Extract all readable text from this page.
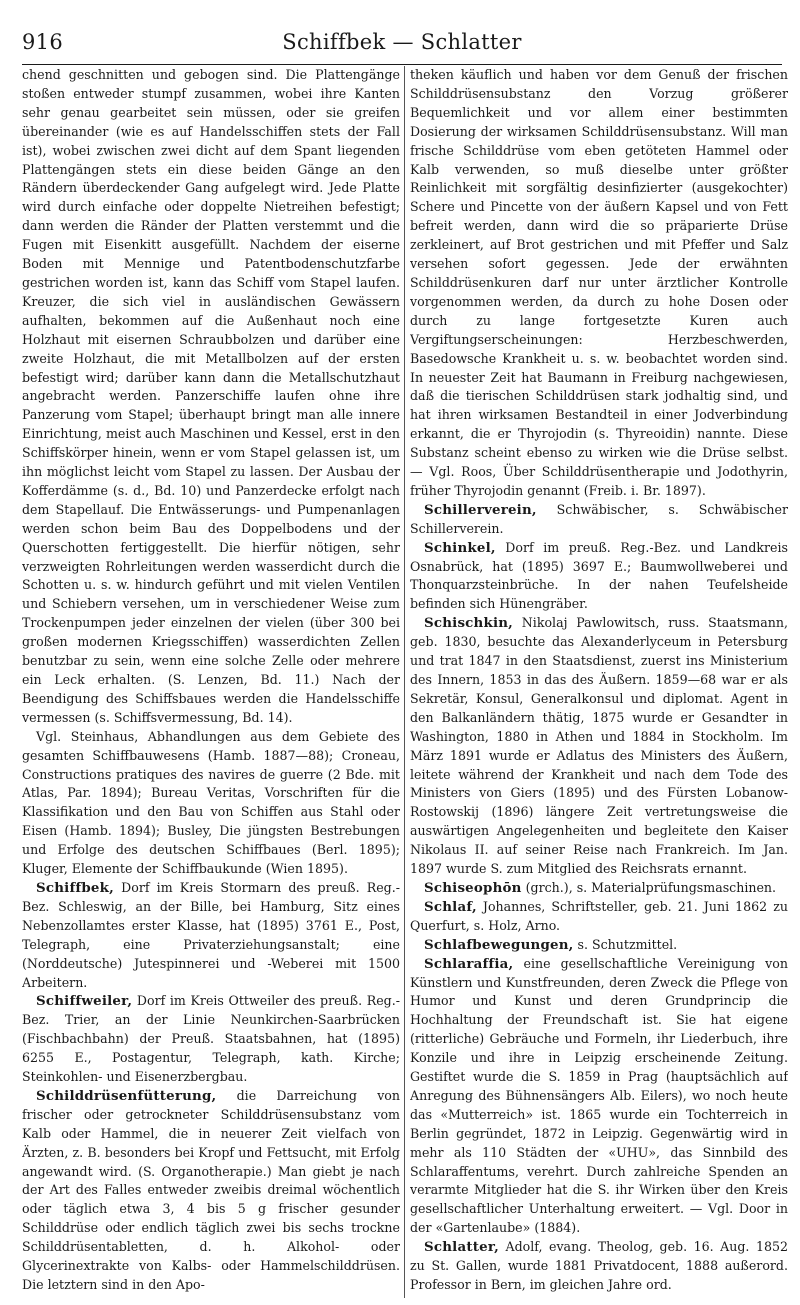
916	Schiffbek — Schlatter

chend geschnitten und gebogen sind. Die Plattengänge stoßen entweder stumpf zusammen, wobei ihre Kanten sehr genau gearbeitet sein müssen, oder sie greifen übereinander (wie es auf Handelsschiffen stets der Fall ist), wobei zwischen zwei dicht auf dem Spant liegenden Plattengängen stets ein diese beiden Gänge an den Rändern überdeckender Gang aufgelegt wird. Jede Platte wird durch einfache oder doppelte Nietreihen befestigt; dann werden die Ränder der Platten verstemmt und die Fugen mit Eisenkitt ausgefüllt. Nachdem der eiserne Boden mit Mennige und Patentbodenschutzfarbe gestrichen worden ist, kann das Schiff vom Stapel laufen. Kreuzer, die sich viel in ausländischen Gewässern aufhalten, bekommen auf die Außenhaut noch eine Holzhaut mit eisernen Schraubbolzen und darüber eine zweite Holzhaut, die mit Metallbolzen auf der ersten befestigt wird; darüber kann dann die Metallschutzhaut angebracht werden. Panzerschiffe laufen ohne ihre Panzerung vom Stapel; überhaupt bringt man alle innere Einrichtung, meist auch Maschinen und Kessel, erst in den Schiffskörper hinein, wenn er vom Stapel gelassen ist, um ihn möglichst leicht vom Stapel zu lassen. Der Ausbau der Kofferdämme (s. d., Bd. 10) und Panzerdecke erfolgt nach dem Stapellauf. Die Entwässerungs- und Pumpenanlagen werden schon beim Bau des Doppelbodens und der Querschotten fertiggestellt. Die hierfür nötigen, sehr verzweigten Rohrleitungen werden wasserdicht durch die Schotten u. s. w. hindurch geführt und mit vielen Ventilen und Schiebern versehen, um in verschiedener Weise zum Trockenpumpen jeder einzelnen der vielen (über 300 bei großen modernen Kriegsschiffen) wasserdichten Zellen benutzbar zu sein, wenn eine solche Zelle oder mehrere ein Leck erhalten. (S. Lenzen, Bd. 11.) Nach der Beendigung des Schiffsbaues werden die Handelsschiffe vermessen (s. Schiffsvermessung, Bd. 14).

Vgl. Steinhaus, Abhandlungen aus dem Gebiete des gesamten Schiffbauwesens (Hamb. 1887—88); Croneau, Constructions pratiques des navires de guerre (2 Bde. mit Atlas, Par. 1894); Bureau Veritas, Vorschriften für die Klassifikation und den Bau von Schiffen aus Stahl oder Eisen (Hamb. 1894); Busley, Die jüngsten Bestrebungen und Erfolge des deutschen Schiffbaues (Berl. 1895); Kluger, Elemente der Schiffbaukunde (Wien 1895).

Schiffbek, Dorf im Kreis Stormarn des preuß. Reg.-Bez. Schleswig, an der Bille, bei Hamburg, Sitz eines Nebenzollamtes erster Klasse, hat (1895) 3761 E., Post, Telegraph, eine Privaterziehungsanstalt; eine (Norddeutsche) Jutespinnerei und -Weberei mit 1500 Arbeitern.

Schiffweiler, Dorf im Kreis Ottweiler des preuß. Reg.-Bez. Trier, an der Linie Neunkirchen-Saarbrücken (Fischbachbahn) der Preuß. Staatsbahnen, hat (1895) 6255 E., Postagentur, Telegraph, kath. Kirche; Steinkohlen- und Eisenerzbergbau.

Schilddrüsenfütterung, die Darreichung von frischer oder getrockneter Schilddrüsensubstanz vom Kalb oder Hammel, die in neuerer Zeit vielfach von Ärzten, z. B. besonders bei Kropf und Fettsucht, mit Erfolg angewandt wird. (S. Organotherapie.) Man giebt je nach der Art des Falles entweder zweibis dreimal wöchentlich oder täglich etwa 3, 4 bis 5 g frischer gesunder Schilddrüse oder endlich täglich zwei bis sechs trockne Schilddrüsentabletten, d. h. Alkohol- oder Glycerinextrakte von Kalbs- oder Hammelschilddrüsen. Die letztern sind in den Apo-

theken käuflich und haben vor dem Genuß der frischen Schilddrüsensubstanz den Vorzug größerer Bequemlichkeit und vor allem einer bestimmten Dosierung der wirksamen Schilddrüsensubstanz. Will man frische Schilddrüse vom eben getöteten Hammel oder Kalb verwenden, so muß dieselbe unter größter Reinlichkeit mit sorgfältig desinfizierter (ausgekochter) Schere und Pincette von der äußern Kapsel und von Fett befreit werden, dann wird die so präparierte Drüse zerkleinert, auf Brot gestrichen und mit Pfeffer und Salz versehen sofort gegessen. Jede der erwähnten Schilddrüsenkuren darf nur unter ärztlicher Kontrolle vorgenommen werden, da durch zu hohe Dosen oder durch zu lange fortgesetzte Kuren auch Vergiftungserscheinungen: Herzbeschwerden, Basedowsche Krankheit u. s. w. beobachtet worden sind. In neuester Zeit hat Baumann in Freiburg nachgewiesen, daß die tierischen Schilddrüsen stark jodhaltig sind, und hat ihren wirksamen Bestandteil in einer Jodverbindung erkannt, die er Thyrojodin (s. Thyreoidin) nannte. Diese Substanz scheint ebenso zu wirken wie die Drüse selbst. — Vgl. Roos, Über Schilddrüsentherapie und Jodothyrin, früher Thyrojodin genannt (Freib. i. Br. 1897).

Schillerverein, Schwäbischer, s. Schwäbischer Schillerverein.

Schinkel, Dorf im preuß. Reg.-Bez. und Landkreis Osnabrück, hat (1895) 3697 E.; Baumwollweberei und Thonquarzsteinbrüche. In der nahen Teufelsheide befinden sich Hünengräber.

Schischkin, Nikolaj Pawlowitsch, russ. Staatsmann, geb. 1830, besuchte das Alexanderlyceum in Petersburg und trat 1847 in den Staatsdienst, zuerst ins Ministerium des Innern, 1853 in das des Äußern. 1859—68 war er als Sekretär, Konsul, Generalkonsul und diplomat. Agent in den Balkanländern thätig, 1875 wurde er Gesandter in Washington, 1880 in Athen und 1884 in Stockholm. Im März 1891 wurde er Adlatus des Ministers des Äußern, leitete während der Krankheit und nach dem Tode des Ministers von Giers (1895) und des Fürsten Lobanow-Rostowskij (1896) längere Zeit vertretungsweise die auswärtigen Angelegenheiten und begleitete den Kaiser Nikolaus II. auf seiner Reise nach Frankreich. Im Jan. 1897 wurde S. zum Mitglied des Reichsrats ernannt.

Schiseophōn (grch.), s. Materialprüfungsmaschinen.

Schlaf, Johannes, Schriftsteller, geb. 21. Juni 1862 zu Querfurt, s. Holz, Arno.

Schlafbewegungen, s. Schutzmittel.

Schlaraffia, eine gesellschaftliche Vereinigung von Künstlern und Kunstfreunden, deren Zweck die Pflege von Humor und Kunst und deren Grundprincip die Hochhaltung der Freundschaft ist. Sie hat eigene (ritterliche) Gebräuche und Formeln, ihr Liederbuch, ihre Konzile und ihre in Leipzig erscheinende Zeitung. Gestiftet wurde die S. 1859 in Prag (hauptsächlich auf Anregung des Bühnensängers Alb. Eilers), wo noch heute das «Mutterreich» ist. 1865 wurde ein Tochterreich in Berlin gegründet, 1872 in Leipzig. Gegenwärtig wird in mehr als 110 Städten der «UHU», das Sinnbild des Schlaraffentums, verehrt. Durch zahlreiche Spenden an verarmte Mitglieder hat die S. ihr Wirken über den Kreis gesellschaftlicher Unterhaltung erweitert. — Vgl. Door in der «Gartenlaube» (1884).

Schlatter, Adolf, evang. Theolog, geb. 16. Aug. 1852 zu St. Gallen, wurde 1881 Privatdocent, 1888 außerord. Professor in Bern, im gleichen Jahre ord.
